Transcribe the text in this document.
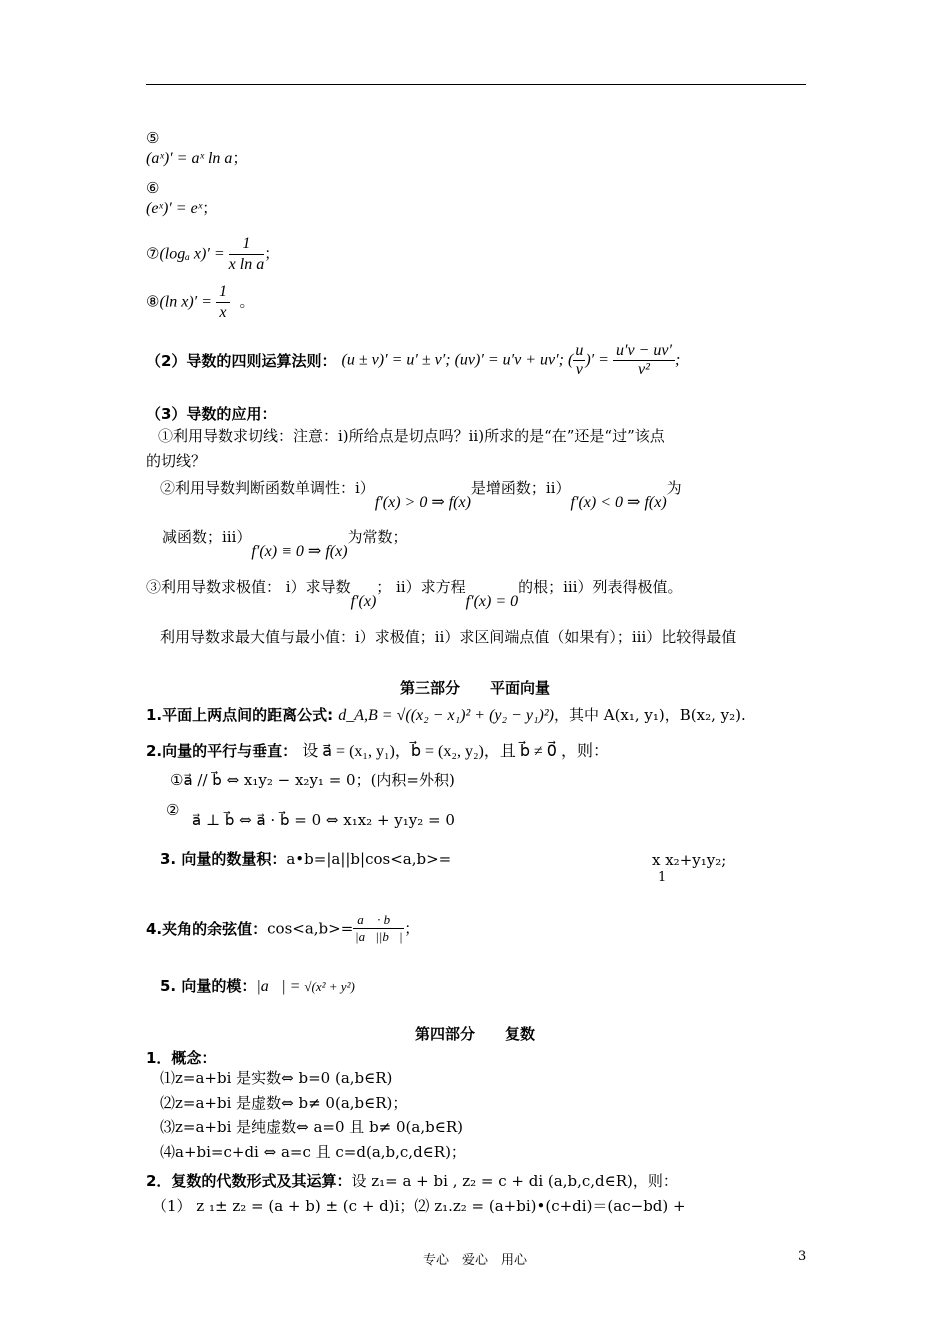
⑤
(aˣ)′ = aˣ ln a；
⑥
(eˣ)′ = eˣ；
⑦(logₐ $x)' = \frac{1}{\text{x ln a}}$ ；
⑧(ln $x)' = \frac{1}{x}$ 。
（2）导数的四则运算法则： (u ± v)′ = u′ ± v′; (uv)′ = u′v + uv′; ( $\frac{u}{v}$ )′ = $\frac{u'v - uv'}{\text{v²}}$ ;
（3）导数的应用：
①利用导数求切线：注意：ⅰ)所给点是切点吗？ⅱ)所求的是“在”还是“过”该点
的切线？
②利用导数判断函数单调性：ⅰ）f′(x) > 0 ⇒ f(x)是增函数；ⅱ）f′(x) < 0 ⇒ f(x)为
减函数；ⅲ）f′(x) ≡ 0 ⇒ f(x)为常数；
③利用导数求极值： ⅰ）求导数f′(x)； ⅱ）求方程f′(x) = 0的根；ⅲ）列表得极值。
利用导数求最大值与最小值：ⅰ）求极值；ⅱ）求区间端点值（如果有）；ⅲ）比较得最值
第三部分　　平面向量
1.平面上两点间的距离公式: d_A,B = √((x₂ − x₁)² + (y₂ − y₁)²)，其中 A(x₁, y₁)，B(x₂, y₂).
2.向量的平行与垂直： 设 a⃗ = (x₁, y₁)，b⃗ = (x₂, y₂)，且 b⃗ ≠ 0⃗ ，则：
①a⃗ // b⃗ ⇔ x₁y₂ − x₂y₁ = 0；(内积=外积)
②
a⃗ ⊥ b⃗ ⇔ a⃗ · b⃗ = 0 ⇔ x₁x₂ + y₁y₂ = 0
3. 向量的数量积：a•b=|a||b|cos<a,b>=	x x₂+y₁y₂;
1
4.夹角的余弦值：$\cos<a,b>= \frac{a⃗ \cdot b⃗}{|a⃗||b⃗|}$ ；
5. 向量的模：|a⃗| = √(x² + y²)
第四部分　　复数
1．概念：
⑴z=a+bi 是实数⇔ b=0 (a,b∈R)
⑵z=a+bi 是虚数⇔ b≠ 0(a,b∈R)；
⑶z=a+bi 是纯虚数⇔ a=0 且 b≠ 0(a,b∈R)
⑷a+bi=c+di ⇔ a=c 且 c=d(a,b,c,d∈R)；
2．复数的代数形式及其运算：设 z₁= a + bi , z₂ = c + di (a,b,c,d∈R)，则：
（1） z ₁± z₂ = (a + b) ± (c + d)i；⑵ z₁.z₂ = (a+bi)•(c+di)＝(ac−bd) +
专心　爱心　用心	3
